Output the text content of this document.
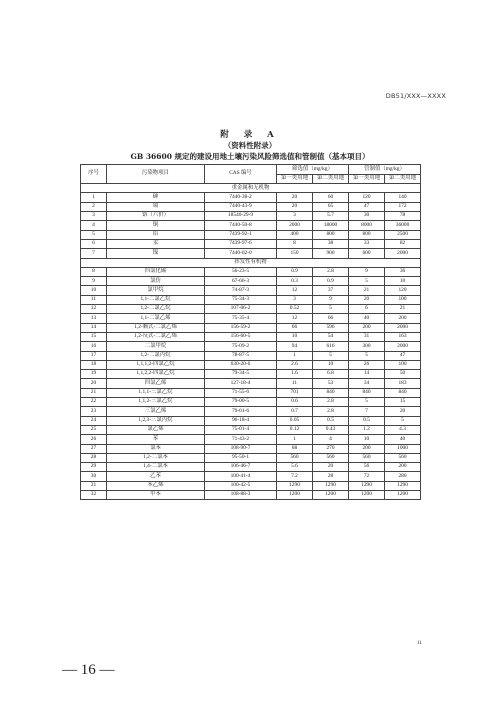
DB51/XXX—XXXX
附 录 A
（资料性附录）
GB 36600 规定的建设用地土壤污染风险筛选值和管制值（基本项目）
序号	污染物项目	CAS 编号	筛选值（mg/kg）		管制值（mg/kg）	
			第一类用地	第二类用地	第一类用地	第二类用地
重金属和无机物						
1	砷	7440-38-2	20	60	120	140
2	镉	7440-43-9	20	65	47	172
3	铬（六价）	18540-29-9	3	5.7	30	78
4	铜	7440-50-8	2000	18000	8000	36000
5	铅	7439-92-1	400	800	800	2500
6	汞	7439-97-6	8	38	33	82
7	镍	7440-02-0	150	900	600	2000
挥发性有机物						
8	四氯化碳	56-23-5	0.9	2.8	9	36
9	氯仿	67-66-3	0.3	0.9	5	10
10	氯甲烷	74-87-3	12	37	21	120
11	1,1-二氯乙烷	75-34-3	3	9	20	100
12	1,2-二氯乙烷	107-06-2	0.52	5	6	21
13	1,1-二氯乙烯	75-35-4	12	66	40	200
14	1,2-顺式-二氯乙烯	156-59-2	66	596	200	2000
15	1,2-反式-二氯乙烯	156-60-5	10	54	31	163
16	二氯甲烷	75-09-2	94	616	300	2000
17	1,2-二氯丙烷	78-87-5	1	5	5	47
18	1,1,1,2-四氯乙烷	630-20-6	2.6	10	26	100
19	1,1,2,2-四氯乙烷	79-34-5	1.6	6.8	14	50
20	四氯乙烯	127-18-4	11	53	34	183
21	1,1,1-三氯乙烷	71-55-6	701	840	840	840
22	1,1,2-三氯乙烷	79-00-5	0.6	2.8	5	15
23	三氯乙烯	79-01-6	0.7	2.8	7	20
24	1,2,3-三氯丙烷	96-18-4	0.05	0.5	0.5	5
25	氯乙烯	75-01-4	0.12	0.43	1.2	4.3
26	苯	71-43-2	1	4	10	40
27	氯苯	108-90-7	68	270	200	1000
28	1,2-二氯苯	95-50-1	560	560	560	560
29	1,4-二氯苯	106-46-7	5.6	20	56	200
30	乙苯	100-41-4	7.2	28	72	280
31	苯乙烯	100-42-5	1290	1290	1290	1290
32	甲苯	108-88-3	1200	1200	1200	1200
11
— 16 —
